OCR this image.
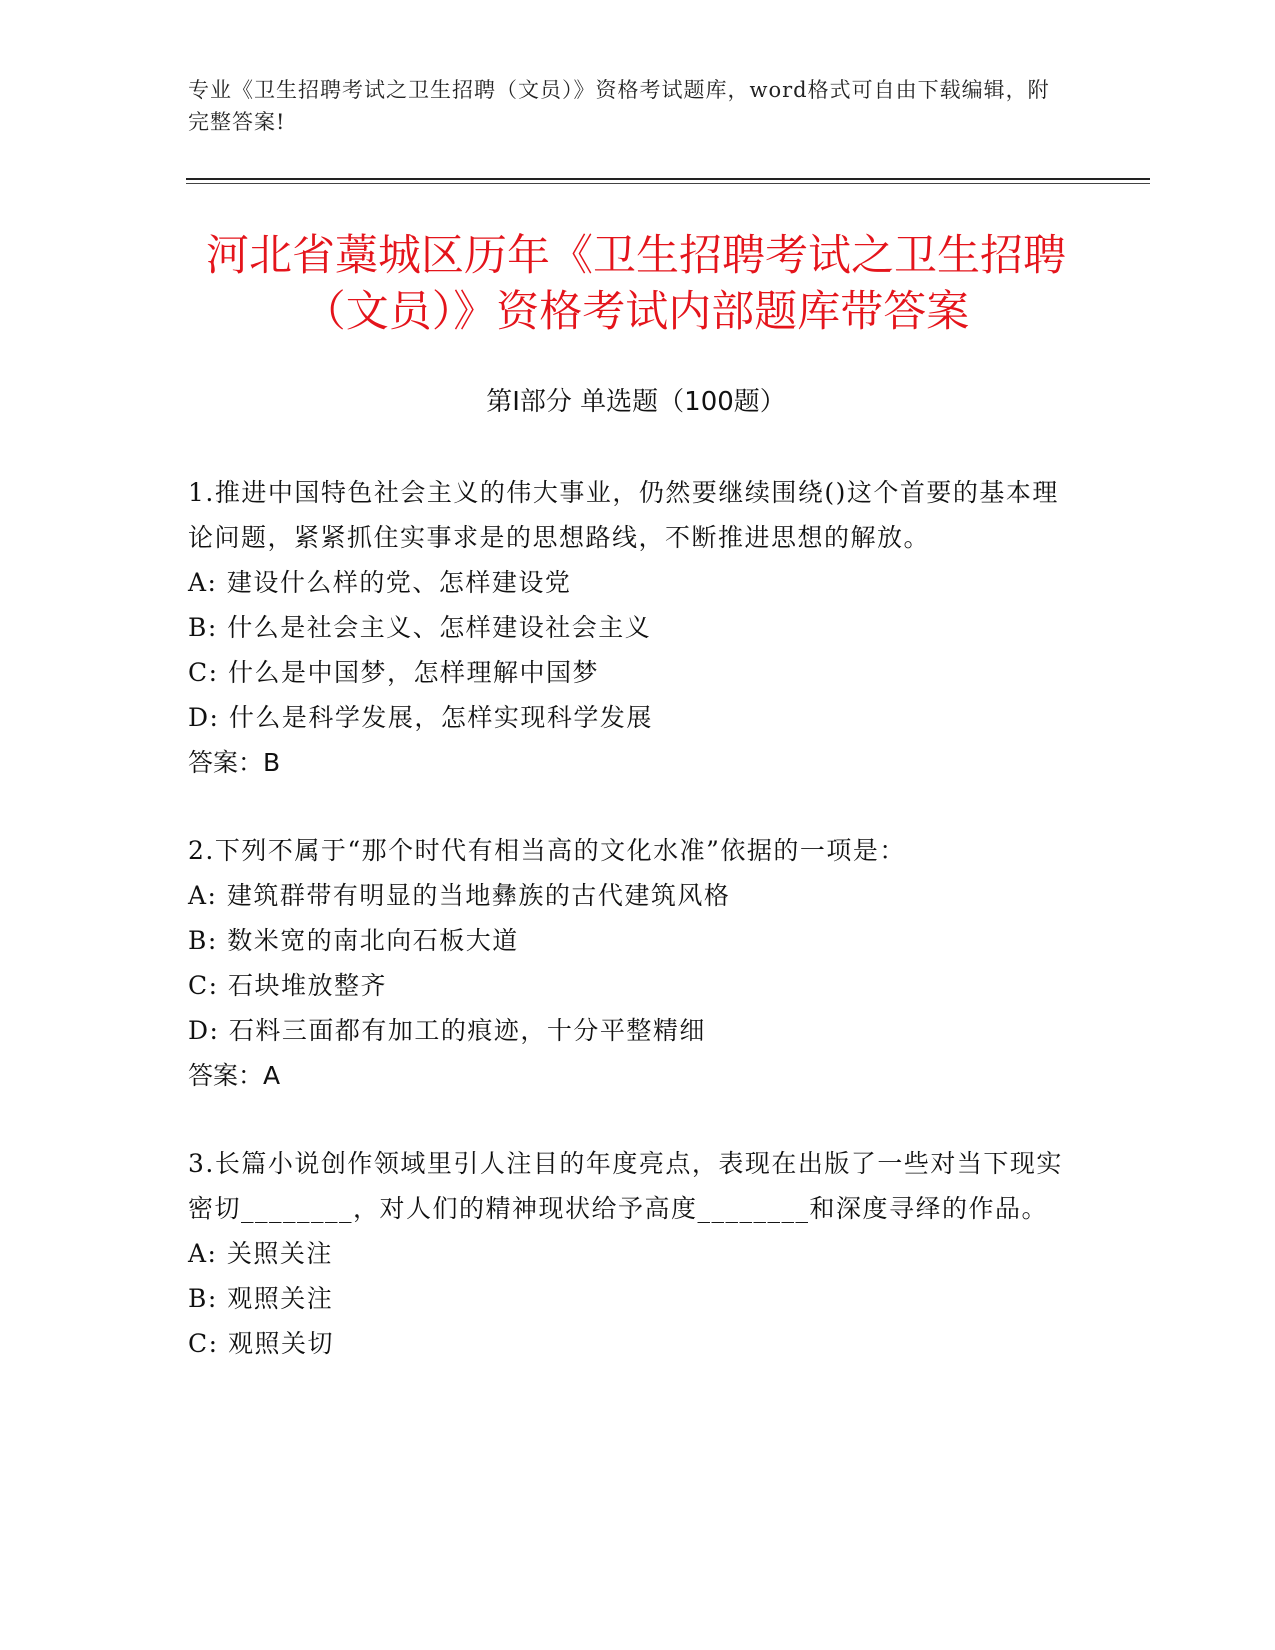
专业《卫生招聘考试之卫生招聘（文员）》资格考试题库，word格式可自由下载编辑，附完整答案!
河北省藁城区历年《卫生招聘考试之卫生招聘（文员）》资格考试内部题库带答案
第Ⅰ部分 单选题（100题）

1.推进中国特色社会主义的伟大事业，仍然要继续围绕()这个首要的基本理论问题，紧紧抓住实事求是的思想路线，不断推进思想的解放。

A: 建设什么样的党、怎样建设党

B: 什么是社会主义、怎样建设社会主义

C: 什么是中国梦，怎样理解中国梦

D: 什么是科学发展，怎样实现科学发展

答案：B

2.下列不属于“那个时代有相当高的文化水准”依据的一项是：

A: 建筑群带有明显的当地彝族的古代建筑风格

B: 数米宽的南北向石板大道

C: 石块堆放整齐

D: 石料三面都有加工的痕迹，十分平整精细

答案：A

3.长篇小说创作领域里引人注目的年度亮点，表现在出版了一些对当下现实密切________，对人们的精神现状给予高度________和深度寻绎的作品。

A: 关照关注

B: 观照关注

C: 观照关切
